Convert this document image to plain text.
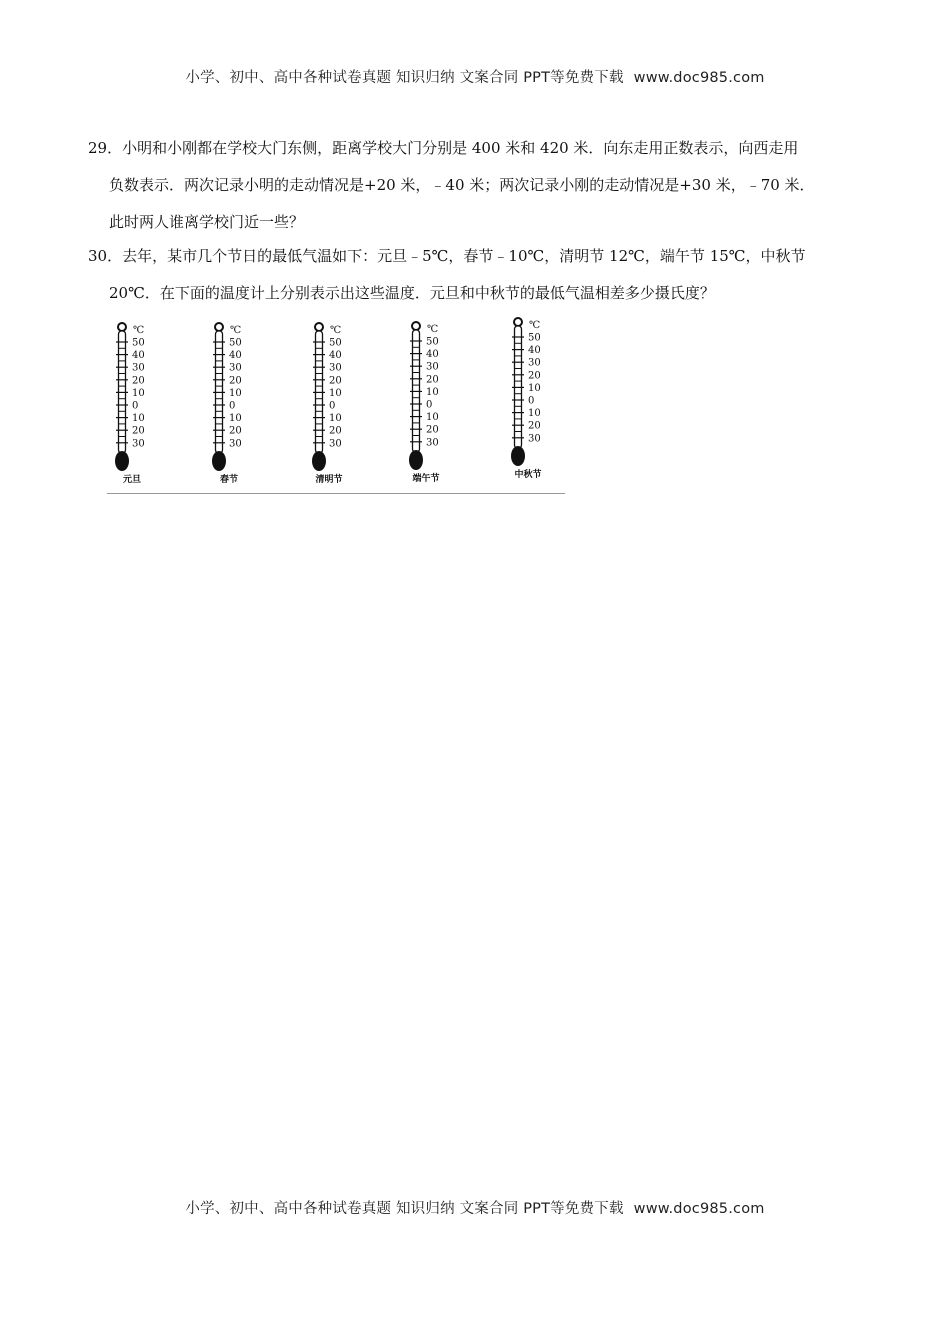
小学、初中、高中各种试卷真题 知识归纳 文案合同 PPT等免费下载 www.doc985.com
29．小明和小刚都在学校大门东侧，距离学校大门分别是 400 米和 420 米．向东走用正数表示，向西走用
负数表示．两次记录小明的走动情况是+20 米，﹣40 米；两次记录小刚的走动情况是+30 米，﹣70 米．
此时两人谁离学校门近一些？
30．去年，某市几个节日的最低气温如下：元旦﹣5℃，春节﹣10℃，清明节 12℃，端午节 15℃，中秋节
20℃．在下面的温度计上分别表示出这些温度．元旦和中秋节的最低气温相差多少摄氏度？
℃
50
40
30
20
10
0
10
20
30
元旦
℃
50
40
30
20
10
0
10
20
30
春节
℃
50
40
30
20
10
0
10
20
30
清明节
℃
50
40
30
20
10
0
10
20
30
端午节
℃
50
40
30
20
10
0
10
20
30
中秋节
小学、初中、高中各种试卷真题 知识归纳 文案合同 PPT等免费下载 www.doc985.com
